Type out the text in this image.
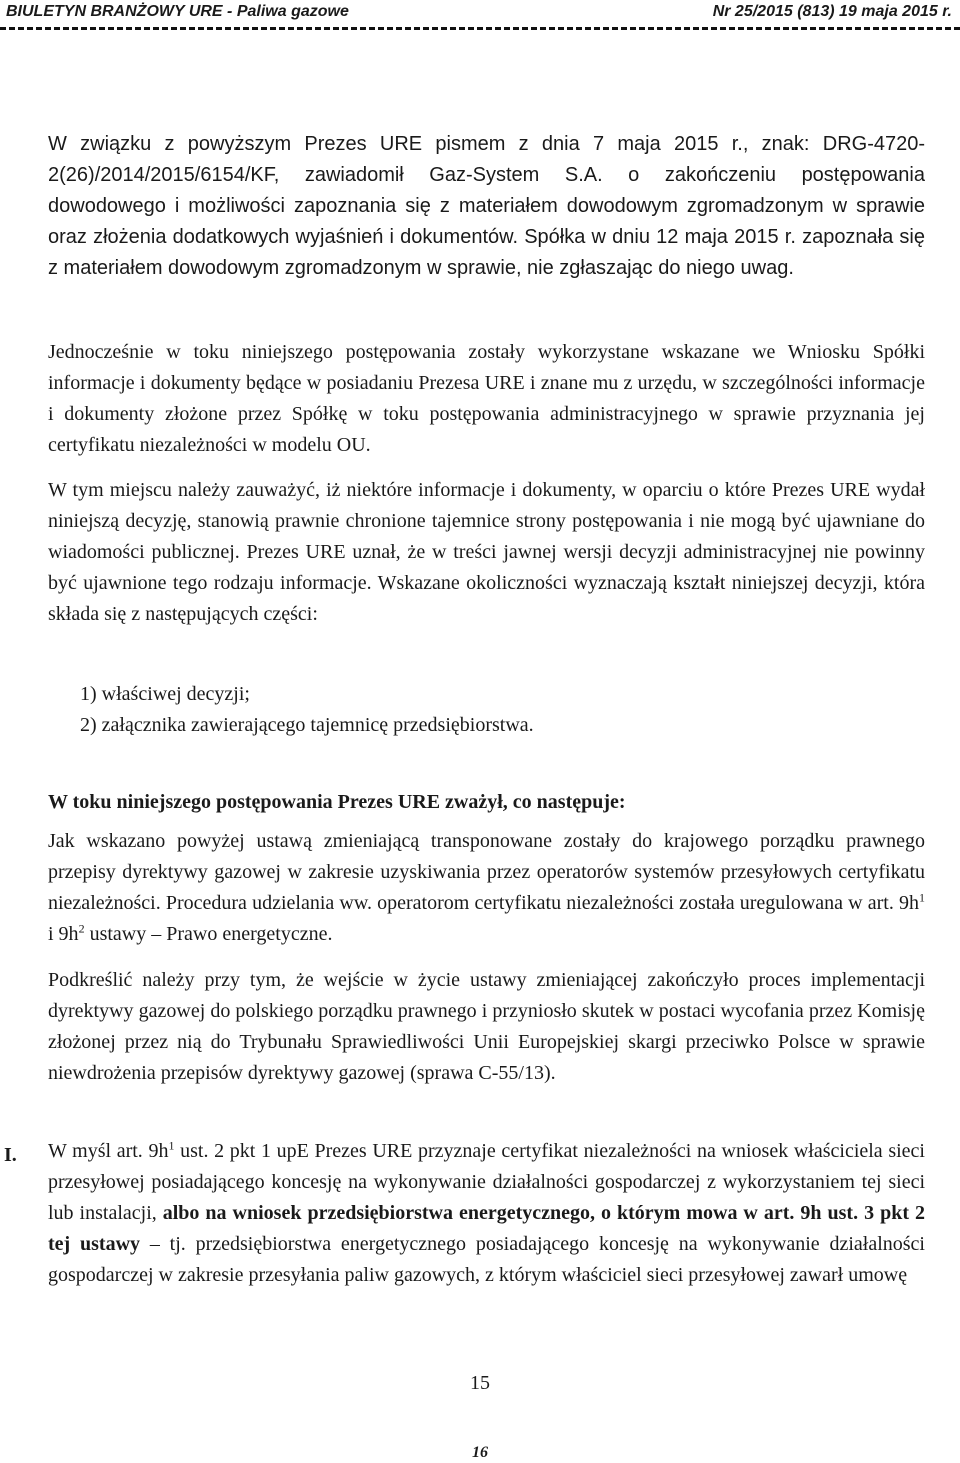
BIULETYN BRANŻOWY URE - Paliwa gazowe	Nr 25/2015 (813) 19 maja 2015 r.

W związku z powyższym Prezes URE pismem z dnia 7 maja 2015 r., znak: DRG-4720-2(26)/2014/2015/6154/KF, zawiadomił Gaz-System S.A. o zakończeniu postępowania dowodowego i możliwości zapoznania się z materiałem dowodowym zgromadzonym w sprawie oraz złożenia dodatkowych wyjaśnień i dokumentów. Spółka w dniu 12 maja 2015 r. zapoznała się z materiałem dowodowym zgromadzonym w sprawie, nie zgłaszając do niego uwag.

Jednocześnie w toku niniejszego postępowania zostały wykorzystane wskazane we Wniosku Spółki informacje i dokumenty będące w posiadaniu Prezesa URE i znane mu z urzędu, w szczególności informacje i dokumenty złożone przez Spółkę w toku postępowania administracyjnego w sprawie przyznania jej certyfikatu niezależności w modelu OU.

W tym miejscu należy zauważyć, iż niektóre informacje i dokumenty, w oparciu o które Prezes URE wydał niniejszą decyzję, stanowią prawnie chronione tajemnice strony postępowania i nie mogą być ujawniane do wiadomości publicznej. Prezes URE uznał, że w treści jawnej wersji decyzji administracyjnej nie powinny być ujawnione tego rodzaju informacje. Wskazane okoliczności wyznaczają kształt niniejszej decyzji, która składa się z następujących części:

1) właściwej decyzji;
2) załącznika zawierającego tajemnicę przedsiębiorstwa.

W toku niniejszego postępowania Prezes URE zważył, co następuje:

Jak wskazano powyżej ustawą zmieniającą transponowane zostały do krajowego porządku prawnego przepisy dyrektywy gazowej w zakresie uzyskiwania przez operatorów systemów przesyłowych certyfikatu niezależności. Procedura udzielania ww. operatorom certyfikatu niezależności została uregulowana w art. $9h^1$ i $9h^2$ ustawy – Prawo energetyczne.

Podkreślić należy przy tym, że wejście w życie ustawy zmieniającej zakończyło proces implementacji dyrektywy gazowej do polskiego porządku prawnego i przyniosło skutek w postaci wycofania przez Komisję złożonej przez nią do Trybunału Sprawiedliwości Unii Europejskiej skargi przeciwko Polsce w sprawie niewdrożenia przepisów dyrektywy gazowej (sprawa C-55/13).

I. W myśl art. $9h^1$ ust. 2 pkt 1 upE Prezes URE przyznaje certyfikat niezależności na wniosek właściciela sieci przesyłowej posiadającego koncesję na wykonywanie działalności gospodarczej z wykorzystaniem tej sieci lub instalacji, albo na wniosek przedsiębiorstwa energetycznego, o którym mowa w art. 9h ust. 3 pkt 2 tej ustawy – tj. przedsiębiorstwa energetycznego posiadającego koncesję na wykonywanie działalności gospodarczej w zakresie przesyłania paliw gazowych, z którym właściciel sieci przesyłowej zawarł umowę

15
16
